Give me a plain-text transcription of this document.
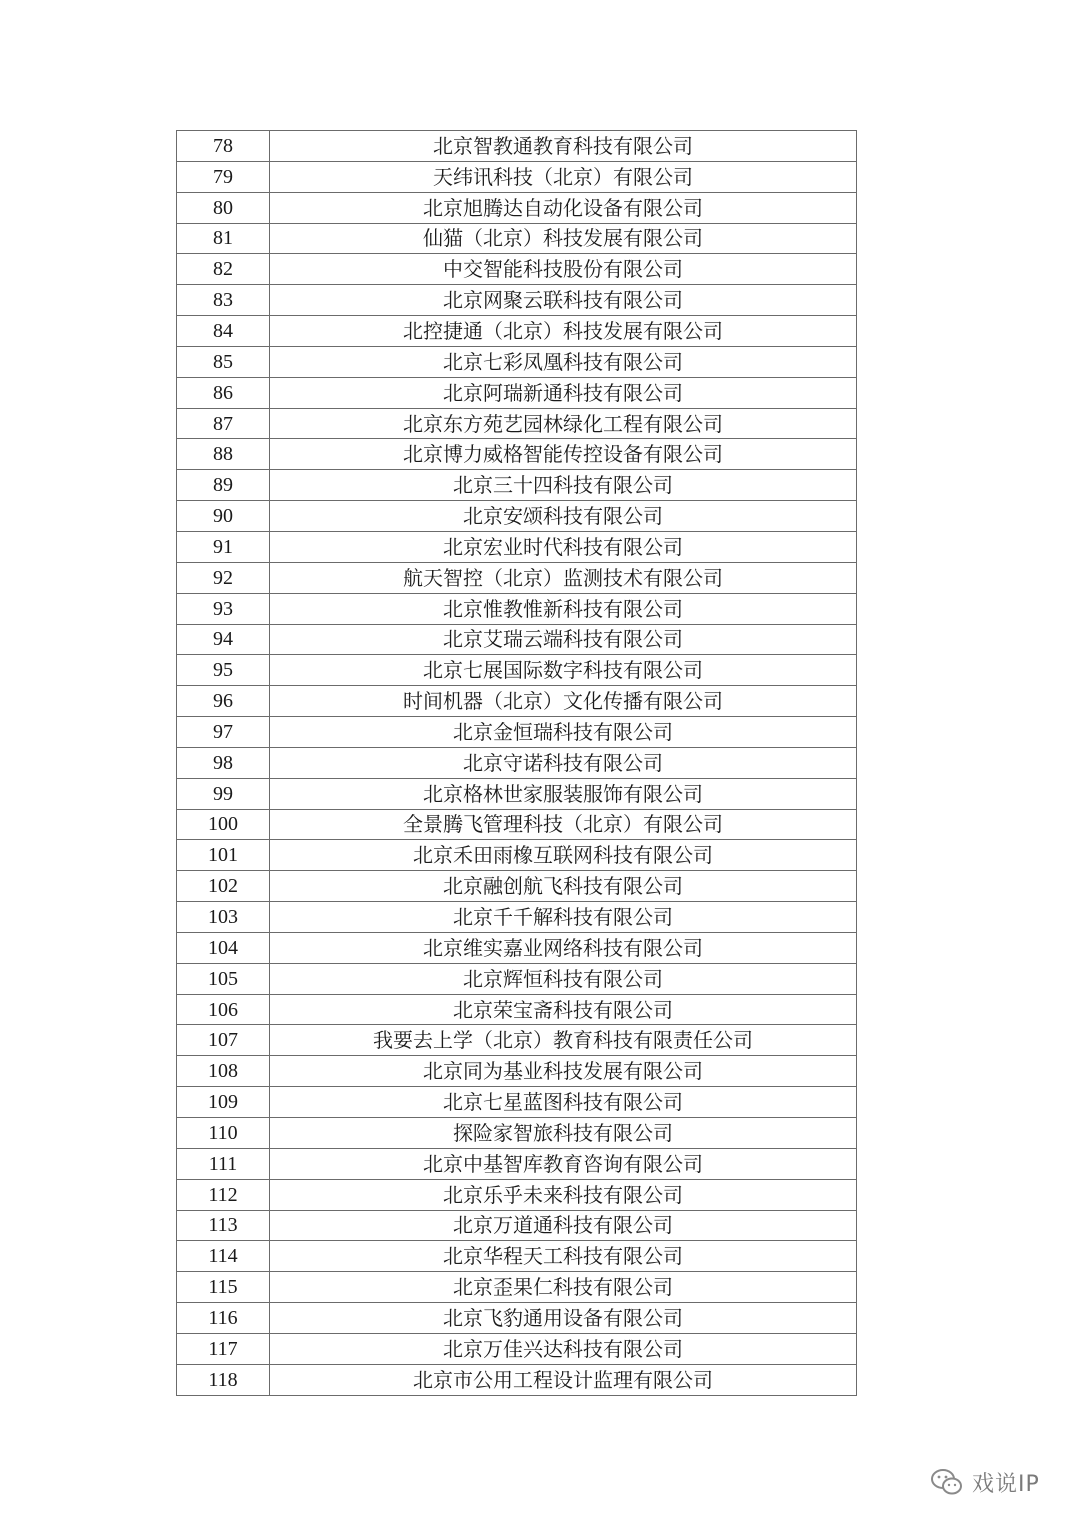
78	北京智教通教育科技有限公司
79	天纬讯科技（北京）有限公司
80	北京旭腾达自动化设备有限公司
81	仙猫（北京）科技发展有限公司
82	中交智能科技股份有限公司
83	北京网聚云联科技有限公司
84	北控捷通（北京）科技发展有限公司
85	北京七彩凤凰科技有限公司
86	北京阿瑞新通科技有限公司
87	北京东方苑艺园林绿化工程有限公司
88	北京博力威格智能传控设备有限公司
89	北京三十四科技有限公司
90	北京安颂科技有限公司
91	北京宏业时代科技有限公司
92	航天智控（北京）监测技术有限公司
93	北京惟教惟新科技有限公司
94	北京艾瑞云端科技有限公司
95	北京七展国际数字科技有限公司
96	时间机器（北京）文化传播有限公司
97	北京金恒瑞科技有限公司
98	北京守诺科技有限公司
99	北京格林世家服装服饰有限公司
100	全景腾飞管理科技（北京）有限公司
101	北京禾田雨橡互联网科技有限公司
102	北京融创航飞科技有限公司
103	北京千千解科技有限公司
104	北京维实嘉业网络科技有限公司
105	北京辉恒科技有限公司
106	北京荣宝斋科技有限公司
107	我要去上学（北京）教育科技有限责任公司
108	北京同为基业科技发展有限公司
109	北京七星蓝图科技有限公司
110	探险家智旅科技有限公司
111	北京中基智库教育咨询有限公司
112	北京乐乎未来科技有限公司
113	北京万道通科技有限公司
114	北京华程天工科技有限公司
115	北京歪果仁科技有限公司
116	北京飞豹通用设备有限公司
117	北京万佳兴达科技有限公司
118	北京市公用工程设计监理有限公司
戏说IP
